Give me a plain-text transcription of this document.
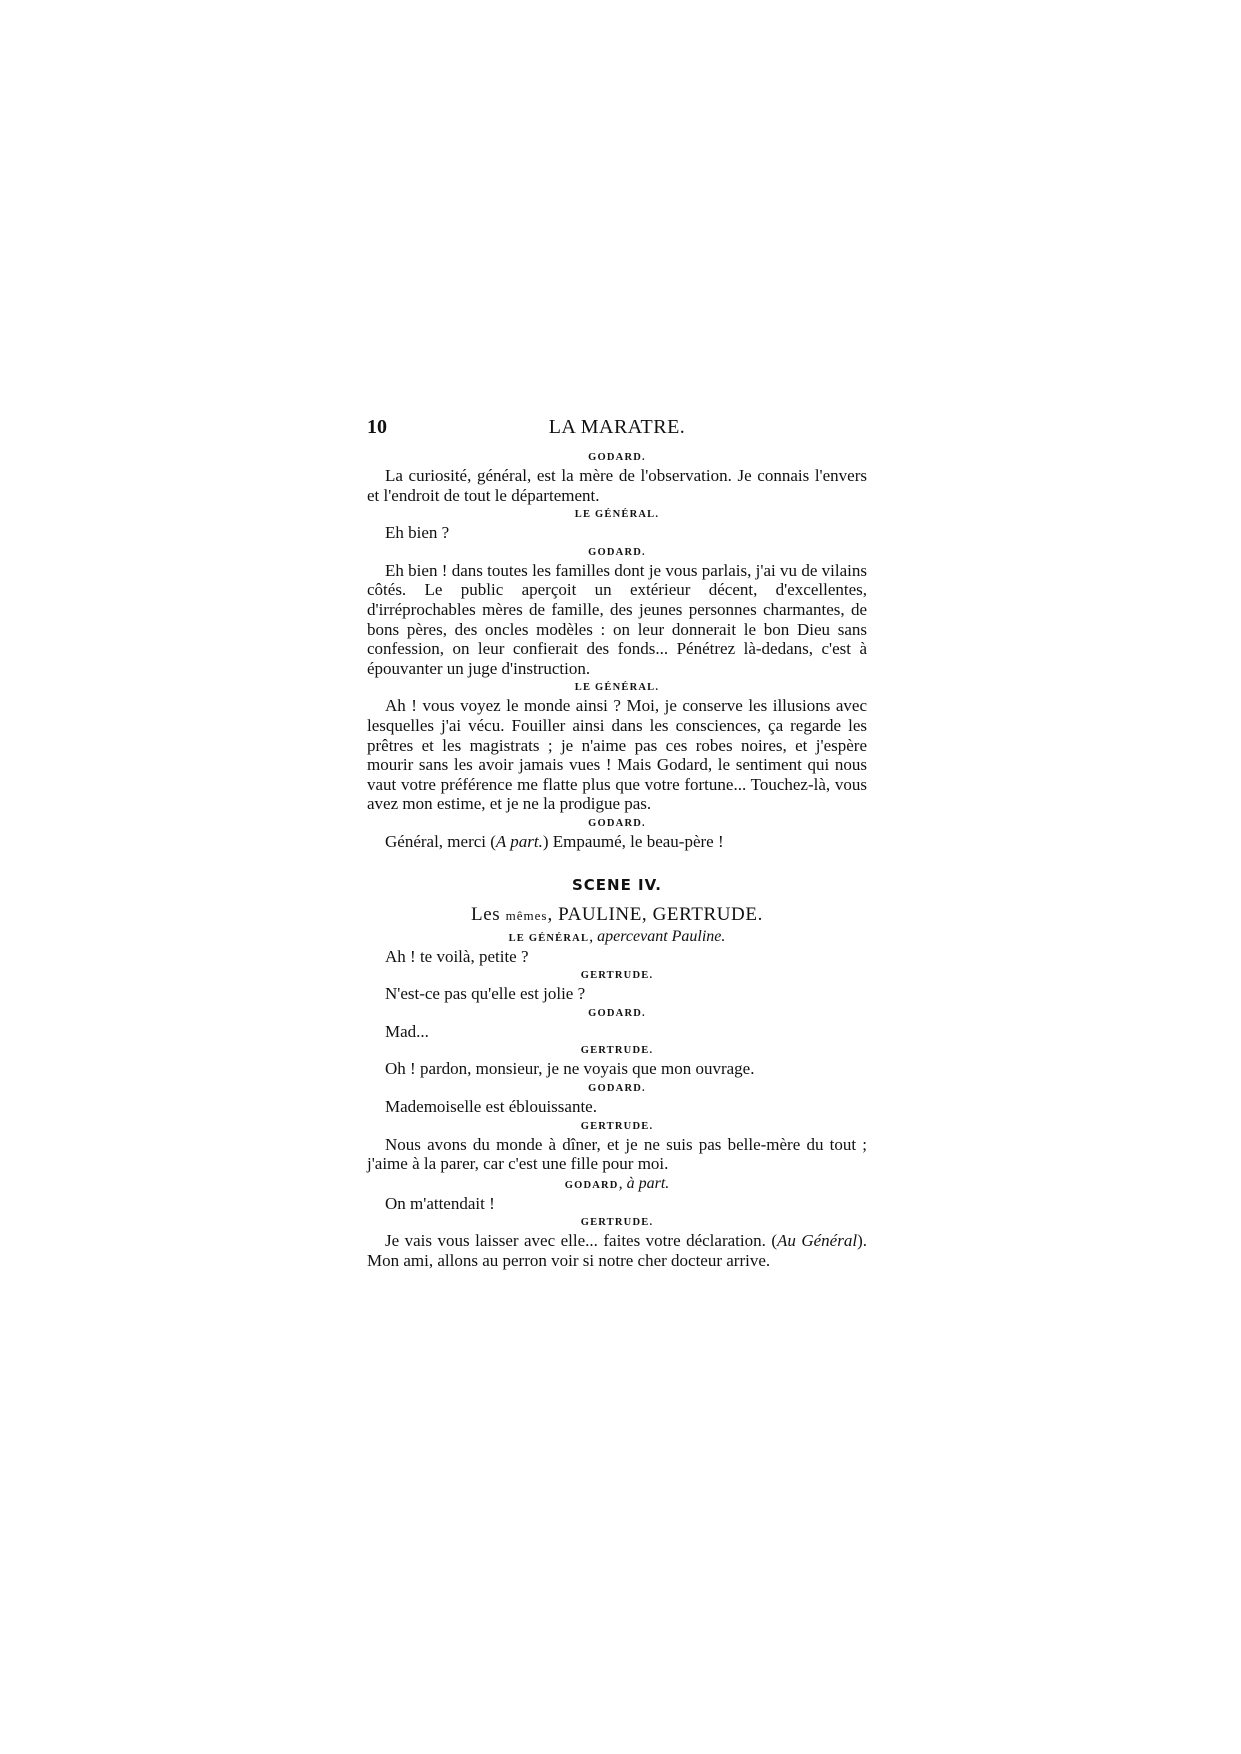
10	LA MARATRE.
GODARD.

La curiosité, général, est la mère de l'observation. Je connais l'envers et l'endroit de tout le département.

LE GÉNÉRAL.

Eh bien ?

GODARD.

Eh bien ! dans toutes les familles dont je vous parlais, j'ai vu de vilains côtés. Le public aperçoit un extérieur décent, d'excellentes, d'irréprochables mères de famille, des jeunes personnes charmantes, de bons pères, des oncles modèles : on leur donnerait le bon Dieu sans confession, on leur confierait des fonds... Pénétrez là-dedans, c'est à épouvanter un juge d'instruction.

LE GÉNÉRAL.

Ah ! vous voyez le monde ainsi ? Moi, je conserve les illusions avec lesquelles j'ai vécu. Fouiller ainsi dans les consciences, ça regarde les prêtres et les magistrats ; je n'aime pas ces robes noires, et j'espère mourir sans les avoir jamais vues ! Mais Godard, le sentiment qui nous vaut votre préférence me flatte plus que votre fortune... Touchez-là, vous avez mon estime, et je ne la prodigue pas.

GODARD.

Général, merci (A part.) Empaumé, le beau-père !

SCENE IV.
Les mêmes, PAULINE, GERTRUDE.
LE GÉNÉRAL, apercevant Pauline.

Ah ! te voilà, petite ?

GERTRUDE.

N'est-ce pas qu'elle est jolie ?

GODARD.

Mad...

GERTRUDE.

Oh ! pardon, monsieur, je ne voyais que mon ouvrage.

GODARD.

Mademoiselle est éblouissante.

GERTRUDE.

Nous avons du monde à dîner, et je ne suis pas belle-mère du tout ; j'aime à la parer, car c'est une fille pour moi.

GODARD, à part.

On m'attendait !

GERTRUDE.

Je vais vous laisser avec elle... faites votre déclaration. (Au Général). Mon ami, allons au perron voir si notre cher docteur arrive.
